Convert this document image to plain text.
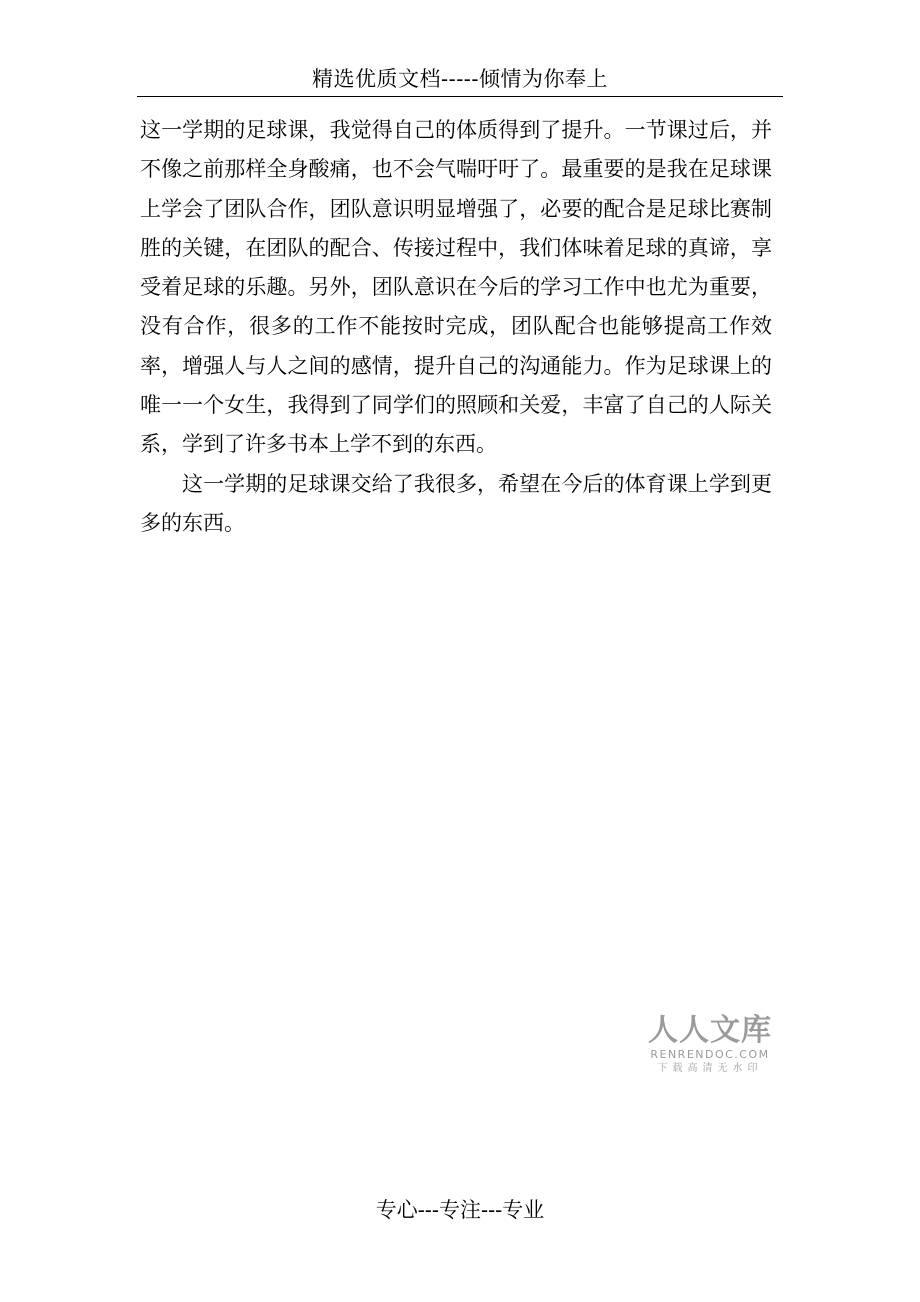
精选优质文档-----倾情为你奉上

这一学期的足球课，我觉得自己的体质得到了提升。一节课过后，并不像之前那样全身酸痛，也不会气喘吁吁了。最重要的是我在足球课上学会了团队合作，团队意识明显增强了，必要的配合是足球比赛制胜的关键，在团队的配合、传接过程中，我们体味着足球的真谛，享受着足球的乐趣。另外，团队意识在今后的学习工作中也尤为重要，没有合作，很多的工作不能按时完成，团队配合也能够提高工作效率，增强人与人之间的感情，提升自己的沟通能力。作为足球课上的唯一一个女生，我得到了同学们的照顾和关爱，丰富了自己的人际关系，学到了许多书本上学不到的东西。

这一学期的足球课交给了我很多，希望在今后的体育课上学到更多的东西。

人人文库
RENRENDOC.COM
下载高清无水印
专心---专注---专业
